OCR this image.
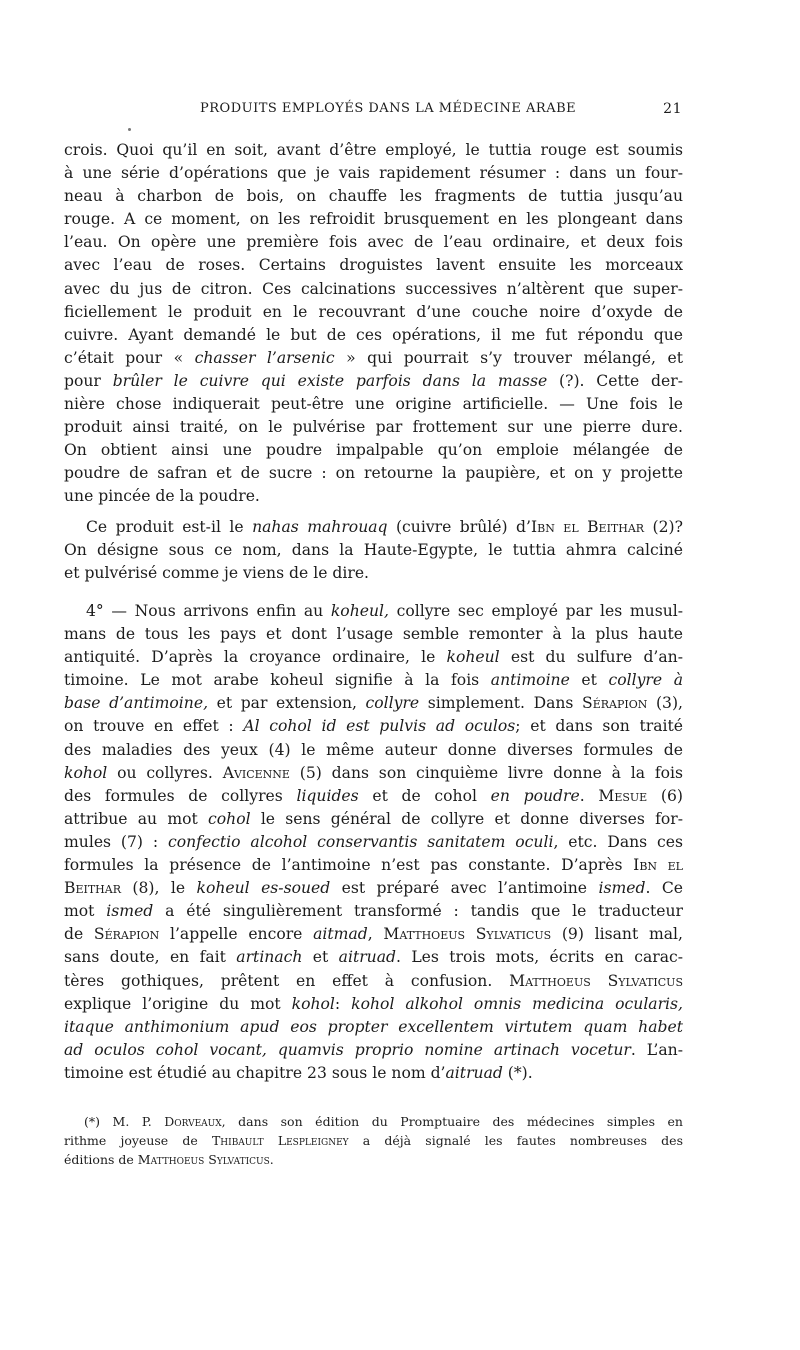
PRODUITS EMPLOYÉS DANS LA MÉDECINE ARABE	21
crois. Quoi qu’il en soit, avant d’être employé, le tuttia rouge est soumis
à une série d’opérations que je vais rapidement résumer : dans un four-
neau à charbon de bois, on chauffe les fragments de tuttia jusqu’au
rouge. A ce moment, on les refroidit brusquement en les plongeant dans
l’eau. On opère une première fois avec de l’eau ordinaire, et deux fois
avec l’eau de roses. Certains droguistes lavent ensuite les morceaux
avec du jus de citron. Ces calcinations successives n’altèrent que super-
ficiellement le produit en le recouvrant d’une couche noire d’oxyde de
cuivre. Ayant demandé le but de ces opérations, il me fut répondu que
c’était pour « chasser l’arsenic » qui pourrait s’y trouver mélangé, et
pour brûler le cuivre qui existe parfois dans la masse (?). Cette der-
nière chose indiquerait peut-être une origine artificielle. — Une fois le
produit ainsi traité, on le pulvérise par frottement sur une pierre dure.
On obtient ainsi une poudre impalpable qu’on emploie mélangée de
poudre de safran et de sucre : on retourne la paupière, et on y projette
une pincée de la poudre.
Ce produit est-il le nahas mahrouaq (cuivre brûlé) d’Ibn el Beithar (2)?
On désigne sous ce nom, dans la Haute-Egypte, le tuttia ahmra calciné
et pulvérisé comme je viens de le dire.
4° — Nous arrivons enfin au koheul, collyre sec employé par les musul-
mans de tous les pays et dont l’usage semble remonter à la plus haute
antiquité. D’après la croyance ordinaire, le koheul est du sulfure d’an-
timoine. Le mot arabe koheul signifie à la fois antimoine et collyre à
base d’antimoine, et par extension, collyre simplement. Dans Sérapion (3),
on trouve en effet : Al cohol id est pulvis ad oculos; et dans son traité
des maladies des yeux (4) le même auteur donne diverses formules de
kohol ou collyres. Avicenne (5) dans son cinquième livre donne à la fois
des formules de collyres liquides et de cohol en poudre. Mesue (6)
attribue au mot cohol le sens général de collyre et donne diverses for-
mules (7) : confectio alcohol conservantis sanitatem oculi, etc. Dans ces
formules la présence de l’antimoine n’est pas constante. D’après Ibn el
Beithar (8), le koheul es-soued est préparé avec l’antimoine ismed. Ce
mot ismed a été singulièrement transformé : tandis que le traducteur
de Sérapion l’appelle encore aitmad, Matthoeus Sylvaticus (9) lisant mal,
sans doute, en fait artinach et aitruad. Les trois mots, écrits en carac-
tères gothiques, prêtent en effet à confusion. Matthoeus Sylvaticus
explique l’origine du mot kohol: kohol alkohol omnis medicina ocularis,
itaque anthimonium apud eos propter excellentem virtutem quam habet
ad oculos cohol vocant, quamvis proprio nomine artinach vocetur. L’an-
timoine est étudié au chapitre 23 sous le nom d’aitruad (*).
(*) M. P. Dorveaux, dans son édition du Promptuaire des médecines simples en
rithme joyeuse de Thibault Lespleigney a déjà signalé les fautes nombreuses des
éditions de Matthoeus Sylvaticus.
